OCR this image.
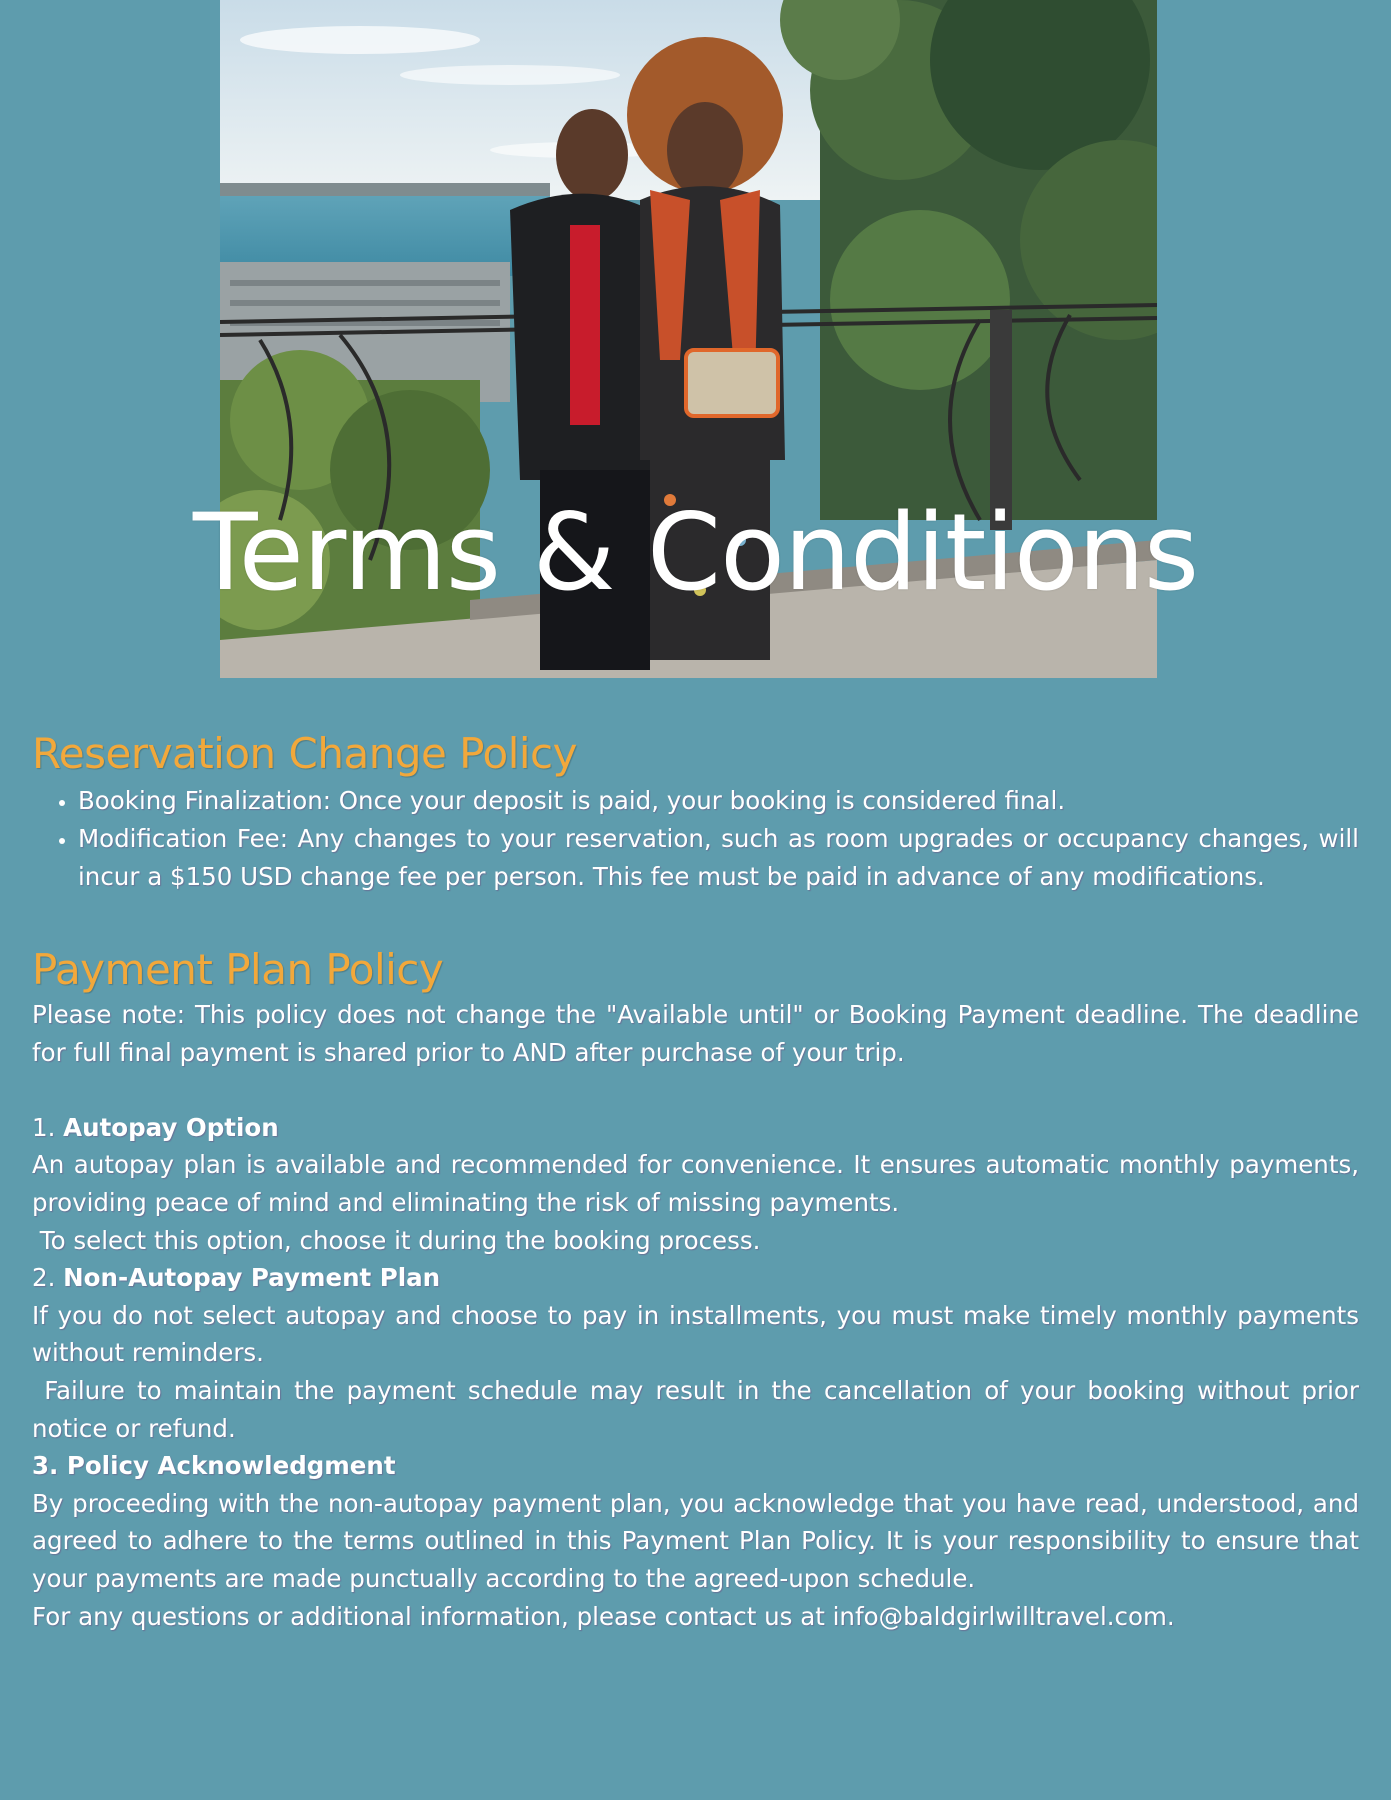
Terms & Conditions
Reservation Change Policy
• Booking Finalization: Once your deposit is paid, your booking is considered final.
• Modification Fee: Any changes to your reservation, such as room upgrades or occupancy changes, will incur a $150 USD change fee per person. This fee must be paid in advance of any modifications.
Payment Plan Policy

Please note: This policy does not change the "Available until" or Booking Payment deadline. The deadline for full final payment is shared prior to AND after purchase of your trip.

1. Autopay Option

An autopay plan is available and recommended for convenience. It ensures automatic monthly payments, providing peace of mind and eliminating the risk of missing payments.

To select this option, choose it during the booking process.

2. Non-Autopay Payment Plan

If you do not select autopay and choose to pay in installments, you must make timely monthly payments without reminders.

Failure to maintain the payment schedule may result in the cancellation of your booking without prior notice or refund.

3. Policy Acknowledgment

By proceeding with the non-autopay payment plan, you acknowledge that you have read, understood, and agreed to adhere to the terms outlined in this Payment Plan Policy. It is your responsibility to ensure that your payments are made punctually according to the agreed-upon schedule.

For any questions or additional information, please contact us at info@baldgirlwilltravel.com.
